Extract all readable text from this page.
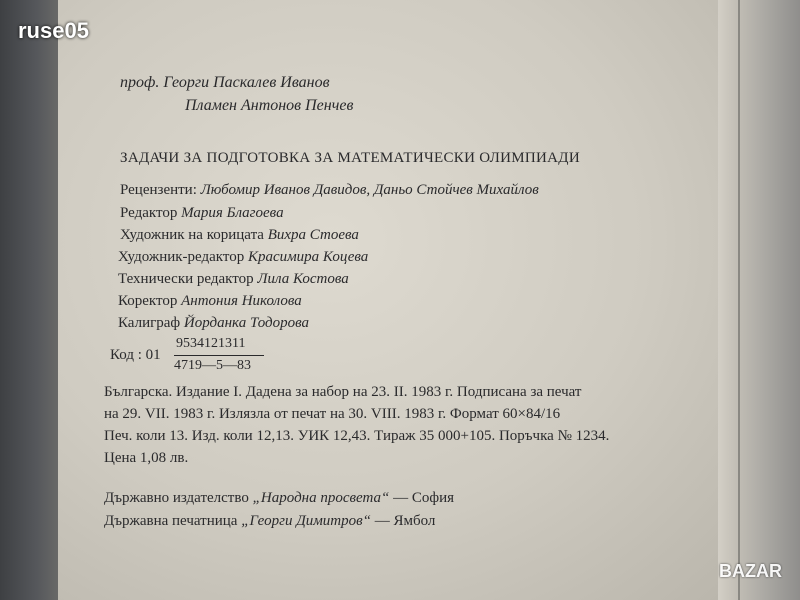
ruse05
проф. Георги Паскалев Иванов
Пламен Антонов Пенчев
ЗАДАЧИ ЗА ПОДГОТОВКА ЗА МАТЕМАТИЧЕСКИ ОЛИМПИАДИ
Рецензенти: Любомир Иванов Давидов, Даньо Стойчев Михайлов
Редактор Мария Благоева
Художник на корицата Вихра Стоева
Художник-редактор Красимира Коцева
Технически редактор Лила Костова
Коректор Антония Николова
Калиграф Йорданка Тодорова
Код : 01
9534121311
4719—5—83
Българска. Издание I. Дадена за набор на 23. II. 1983 г. Подписана за печат
на 29. VII. 1983 г. Излязла от печат на 30. VIII. 1983 г. Формат 60×84/16
Печ. коли 13. Изд. коли 12,13. УИК 12,43. Тираж 35 000+105. Поръчка № 1234.
Цена 1,08 лв.
Държавно издателство „Народна просвета“ — София
Държавна печатница „Георги Димитров“ — Ямбол
BAZAR
